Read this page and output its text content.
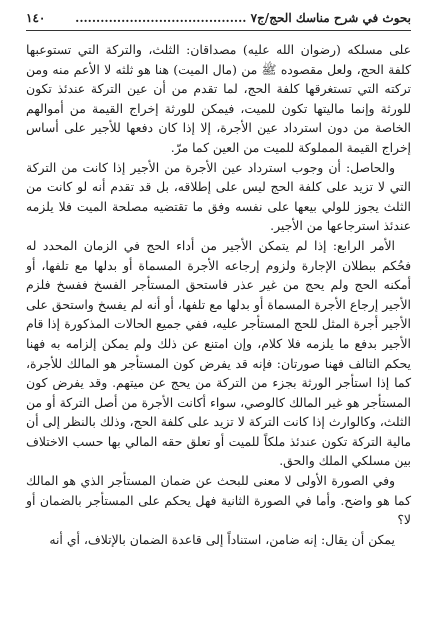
بحوث في شرح مناسك الحج/ج٧ .........................................
١٤٠

على مسلكه (رضوان الله عليه) مصداقان: الثلث، والتركة التي تستوعبها كلفة الحج، ولعل مقصوده ﷺ من (مال الميت) هنا هو ثلثه لا الأعم منه ومن تركته التي تستغرقها كلفة الحج، لما تقدم من أن عين التركة عندئذ تكون للورثة وإنما ماليتها تكون للميت، فيمكن للورثة إخراج القيمة من أموالهم الخاصة من دون استرداد عين الأجرة، إلا إذا كان دفعها للأجير على أساس إخراج القيمة المملوكة للميت من العين كما مرّ.

والحاصل: أن وجوب استرداد عين الأجرة من الأجير إذا كانت من التركة التي لا تزيد على كلفة الحج ليس على إطلاقه، بل قد تقدم أنه لو كانت من الثلث يجوز للولي بيعها على نفسه وفق ما تقتضيه مصلحة الميت فلا يلزمه عندئذ استرجاعها من الأجير.

الأمر الرابع: إذا لم يتمكن الأجير من أداء الحج في الزمان المحدد له فحُكم ببطلان الإجارة ولزوم إرجاعه الأجرة المسماة أو بدلها مع تلفها، أو أمكنه الحج ولم يحج من غير عذر فاستحق المستأجر الفسخ ففسخ فلزم الأجير إرجاع الأجرة المسماة أو بدلها مع تلفها، أو أنه لم يفسخ واستحق على الأجير أجرة المثل للحج المستأجر عليه، ففي جميع الحالات المذكورة إذا قام الأجير بدفع ما يلزمه فلا كلام، وإن امتنع عن ذلك ولم يمكن إلزامه به فهنا يحكم التالف فهنا صورتان: فإنه قد يفرض كون المستأجر هو المالك للأجرة، كما إذا استأجر الورثة بجزء من التركة من يحج عن ميتهم. وقد يفرض كون المستأجر هو غير المالك كالوصي، سواء أكانت الأجرة من أصل التركة أو من الثلث، وكالوارث إذا كانت التركة لا تزيد على كلفة الحج، وذلك بالنظر إلى أن مالية التركة تكون عندئذ ملكاً للميت أو تعلق حقه المالي بها حسب الاختلاف بين مسلكي الملك والحق.

وفي الصورة الأولى لا معنى للبحث عن ضمان المستأجر الذي هو المالك كما هو واضح. وأما في الصورة الثانية فهل يحكم على المستأجر بالضمان أو لا؟

يمكن أن يقال: إنه ضامن، استناداً إلى قاعدة الضمان بالإتلاف، أي أنه
